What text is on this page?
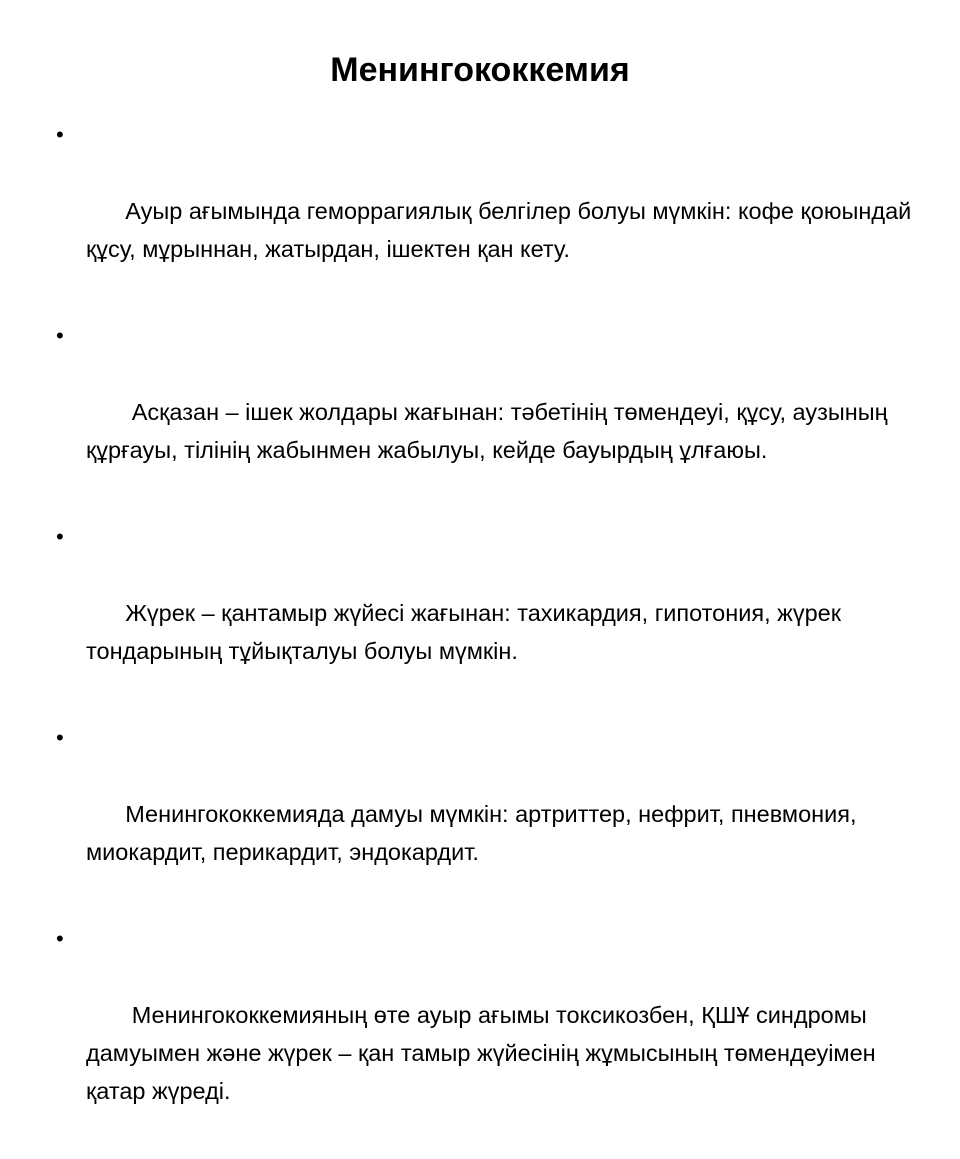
Менингококкемия

•

Ауыр ағымында геморрагиялық белгілер болуы мүмкін: кофе қоюындай құсу, мұрыннан, жатырдан, ішектен қан кету.

•

Асқазан – ішек жолдары жағынан: тәбетінің төмендеуі, құсу, аузының құрғауы, тілінің жабынмен жабылуы, кейде бауырдың ұлғаюы.

•

Жүрек – қантамыр жүйесі жағынан: тахикардия, гипотония, жүрек тондарының тұйықталуы болуы мүмкін.

•

Менингококкемияда дамуы мүмкін: артриттер, нефрит, пневмония, миокардит, перикардит, эндокардит.

•

Менингококкемияның өте ауыр ағымы токсикозбен, ҚШҰ синдромы дамуымен және жүрек – қан тамыр жүйесінің жұмысының төмендеуімен қатар жүреді.
